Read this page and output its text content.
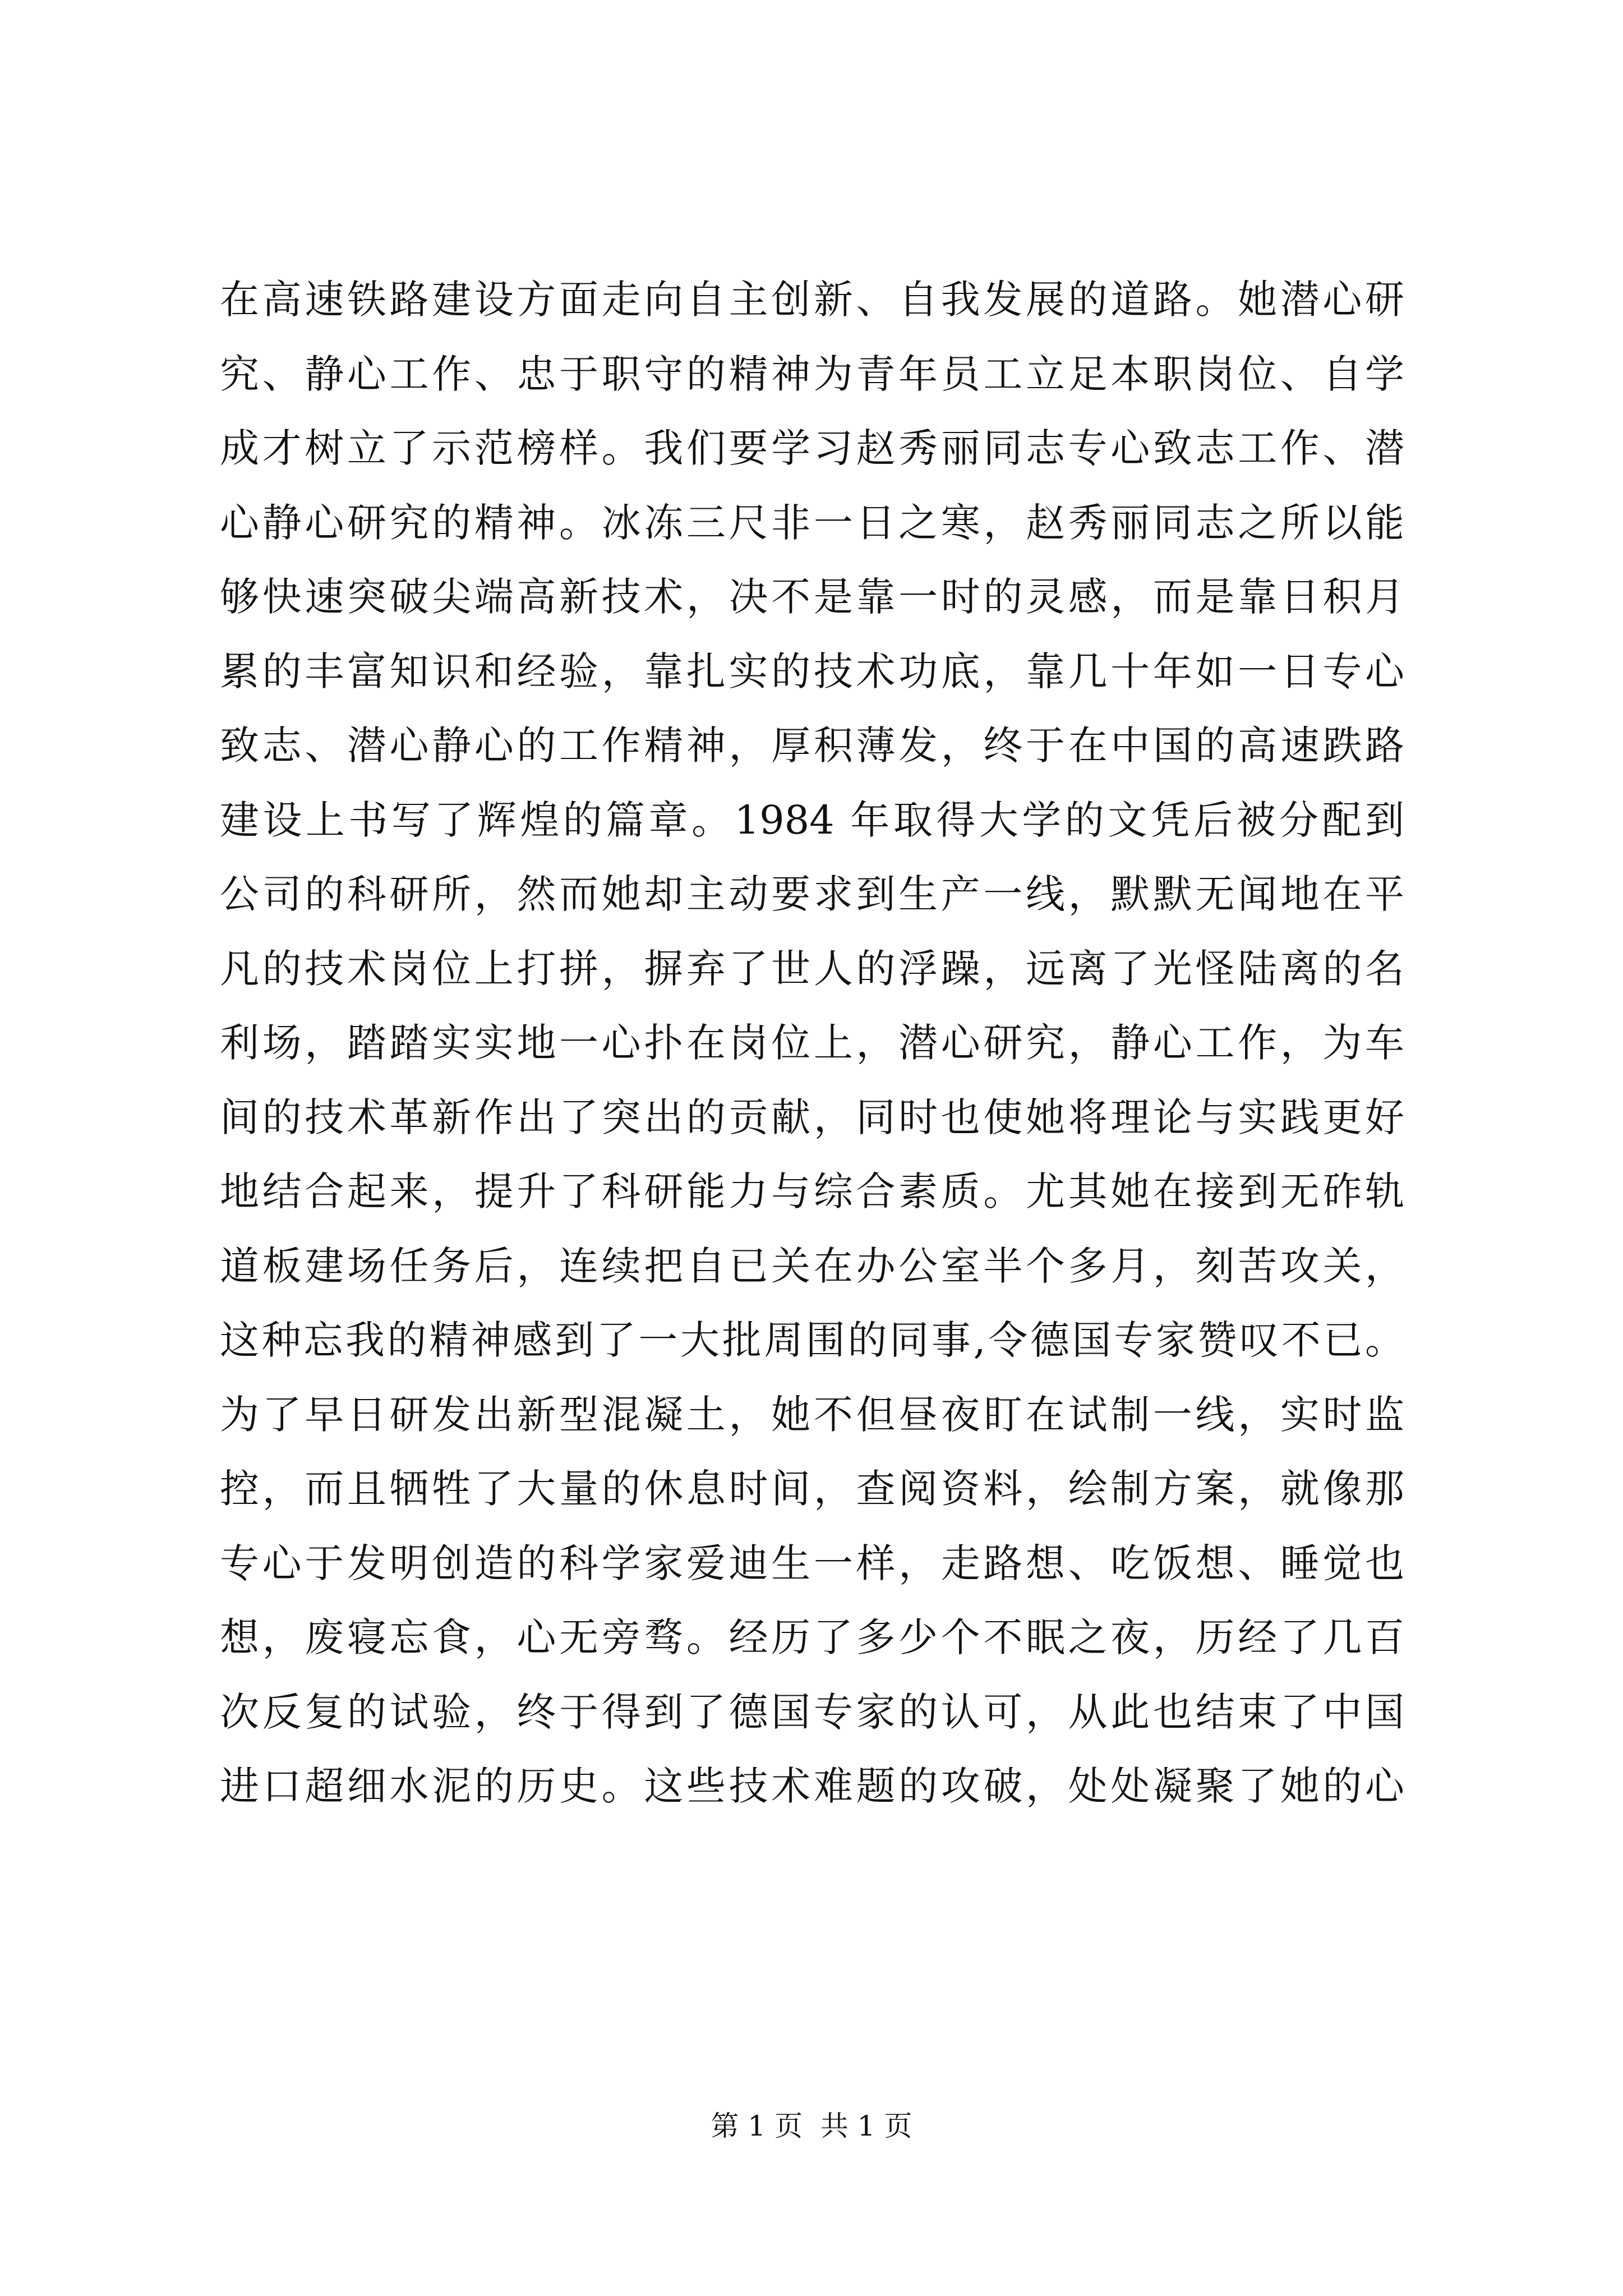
在高速铁路建设方面走向自主创新、自我发展的道路。她潜心研
究、静心工作、忠于职守的精神为青年员工立足本职岗位、自学
成才树立了示范榜样。我们要学习赵秀丽同志专心致志工作、潜
心静心研究的精神。冰冻三尺非一日之寒，赵秀丽同志之所以能
够快速突破尖端高新技术，决不是靠一时的灵感，而是靠日积月
累的丰富知识和经验，靠扎实的技术功底，靠几十年如一日专心
致志、潜心静心的工作精神，厚积薄发，终于在中国的高速跌路
建设上书写了辉煌的篇章。1984 年取得大学的文凭后被分配到
公司的科研所，然而她却主动要求到生产一线，默默无闻地在平
凡的技术岗位上打拼，摒弃了世人的浮躁，远离了光怪陆离的名
利场，踏踏实实地一心扑在岗位上，潜心研究，静心工作，为车
间的技术革新作出了突出的贡献，同时也使她将理论与实践更好
地结合起来，提升了科研能力与综合素质。尤其她在接到无砟轨
道板建场任务后，连续把自已关在办公室半个多月，刻苦攻关，
这种忘我的精神感到了一大批周围的同事,令德国专家赞叹不已。
为了早日研发出新型混凝土，她不但昼夜盯在试制一线，实时监
控，而且牺牲了大量的休息时间，查阅资料，绘制方案，就像那
专心于发明创造的科学家爱迪生一样，走路想、吃饭想、睡觉也
想，废寝忘食，心无旁骛。经历了多少个不眠之夜，历经了几百
次反复的试验，终于得到了德国专家的认可，从此也结束了中国
进口超细水泥的历史。这些技术难题的攻破，处处凝聚了她的心
第 1 页  共 1 页
